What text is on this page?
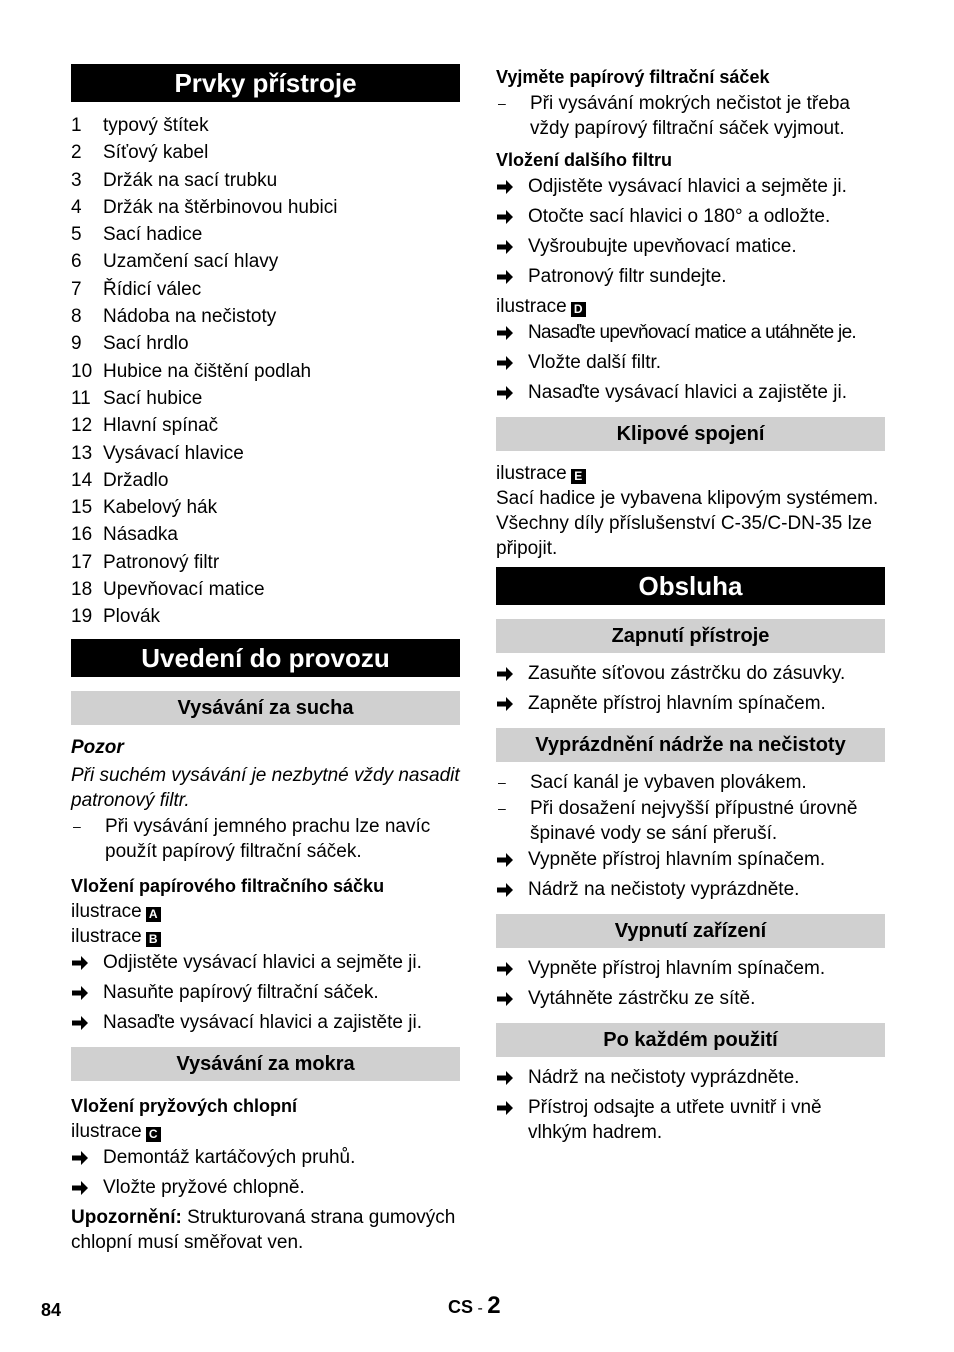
Prvky přístroje
1	typový štítek
2	Síťový kabel
3	Držák na sací trubku
4	Držák na štěrbinovou hubici
5	Sací hadice
6	Uzamčení sací hlavy
7	Řídicí válec
8	Nádoba na nečistoty
9	Sací hrdlo
10 Hubice na čištění podlah
11 Sací hubice
12 Hlavní spínač
13 Vysávací hlavice
14 Držadlo
15 Kabelový hák
16 Násadka
17 Patronový filtr
18 Upevňovací matice
19 Plovák
Uvedení do provozu
Vysávání za sucha
Pozor
Při suchém vysávání je nezbytné vždy nasadit patronový filtr.
–	Při vysávání jemného prachu lze navíc použít papírový filtrační sáček.
Vložení papírového filtračního sáčku
ilustrace A
ilustrace B
Odjistěte vysávací hlavici a sejměte ji.
Nasuňte papírový filtrační sáček.
Nasaďte vysávací hlavici a zajistěte ji.
Vysávání za mokra
Vložení pryžových chlopní
ilustrace C
Demontáž kartáčových pruhů.
Vložte pryžové chlopně.
Upozornění: Strukturovaná strana gumových chlopní musí směřovat ven.
Vyjměte papírový filtrační sáček
–	Při vysávání mokrých nečistot je třeba vždy papírový filtrační sáček vyjmout.
Vložení dalšího filtru
Odjistěte vysávací hlavici a sejměte ji.
Otočte sací hlavici o 180° a odložte.
Vyšroubujte upevňovací matice.
Patronový filtr sundejte.
ilustrace D
Nasaďte upevňovací matice a utáhněte je.
Vložte další filtr.
Nasaďte vysávací hlavici a zajistěte ji.
Klipové spojení
ilustrace E
Sací hadice je vybavena klipovým systémem. Všechny díly příslušenství C-35/C-DN-35 lze připojit.
Obsluha
Zapnutí přístroje
Zasuňte síťovou zástrčku do zásuvky.
Zapněte přístroj hlavním spínačem.
Vyprázdnění nádrže na nečistoty
–	Sací kanál je vybaven plovákem.
–	Při dosažení nejvyšší přípustné úrovně špinavé vody se sání přeruší.
Vypněte přístroj hlavním spínačem.
Nádrž na nečistoty vyprázdněte.
Vypnutí zařízení
Vypněte přístroj hlavním spínačem.
Vytáhněte zástrčku ze sítě.
Po každém použití
Nádrž na nečistoty vyprázdněte.
Přístroj odsajte a utřete uvnitř i vně vlhkým hadrem.
84	CS - 2
